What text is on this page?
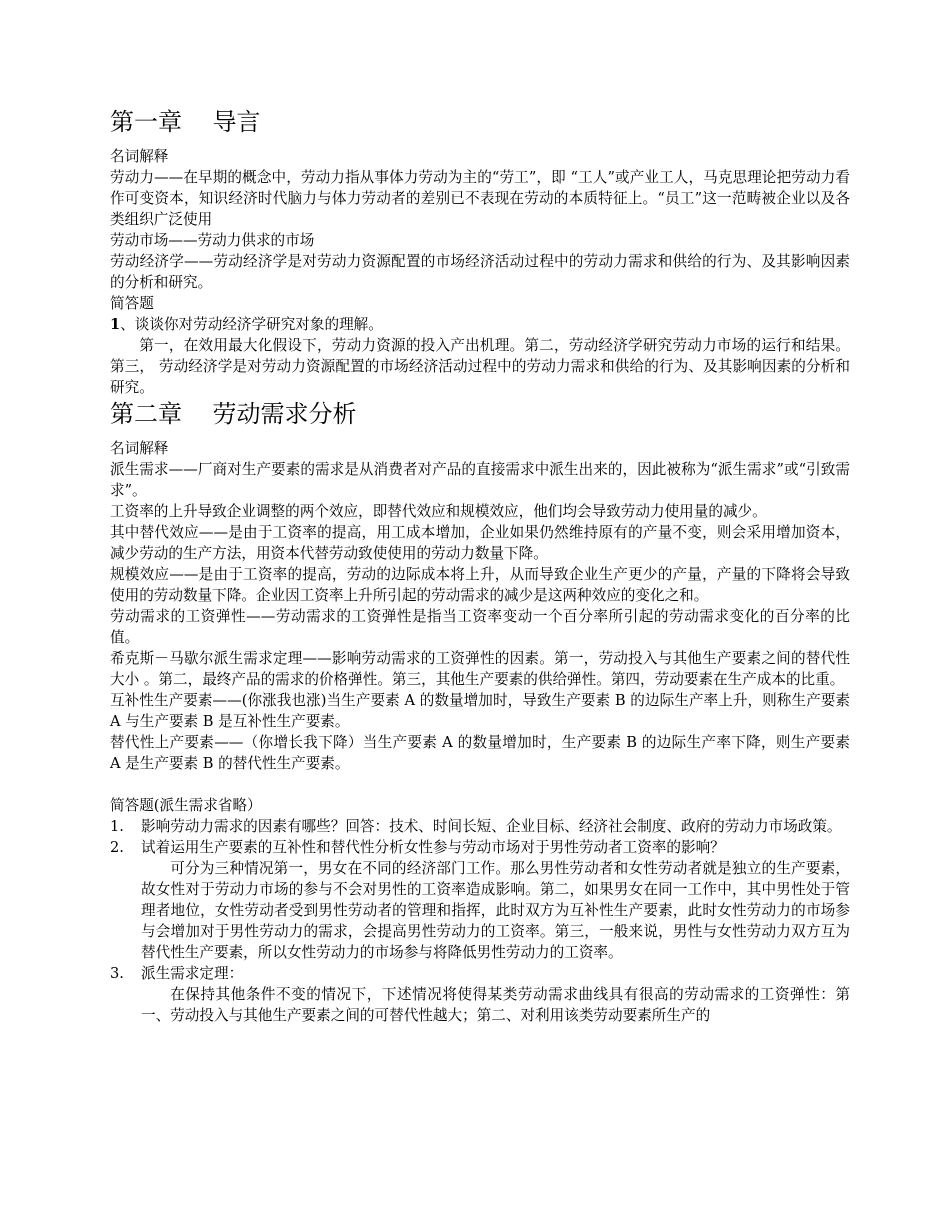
第一章    导言

名词解释

劳动力——在早期的概念中，劳动力指从事体力劳动为主的“劳工”，即 “工人”或产业工人，马克思理论把劳动力看作可变资本，知识经济时代脑力与体力劳动者的差别已不表现在劳动的本质特征上。“员工”这一范畴被企业以及各类组织广泛使用

劳动市场——劳动力供求的市场

劳动经济学——劳动经济学是对劳动力资源配置的市场经济活动过程中的劳动力需求和供给的行为、及其影响因素的分析和研究。

简答题

1、谈谈你对劳动经济学研究对象的理解。

第一，在效用最大化假设下，劳动力资源的投入产出机理。第二，劳动经济学研究劳动力市场的运行和结果。第三， 劳动经济学是对劳动力资源配置的市场经济活动过程中的劳动力需求和供给的行为、及其影响因素的分析和研究。

第二章    劳动需求分析

名词解释

派生需求——厂商对生产要素的需求是从消费者对产品的直接需求中派生出来的，因此被称为“派生需求”或“引致需求”。

工资率的上升导致企业调整的两个效应，即替代效应和规模效应，他们均会导致劳动力使用量的减少。

其中替代效应——是由于工资率的提高，用工成本增加，企业如果仍然维持原有的产量不变，则会采用增加资本，减少劳动的生产方法，用资本代替劳动致使使用的劳动力数量下降。

规模效应——是由于工资率的提高，劳动的边际成本将上升，从而导致企业生产更少的产量，产量的下降将会导致使用的劳动数量下降。企业因工资率上升所引起的劳动需求的减少是这两种效应的变化之和。

劳动需求的工资弹性——劳动需求的工资弹性是指当工资率变动一个百分率所引起的劳动需求变化的百分率的比值。

希克斯－马歇尔派生需求定理——影响劳动需求的工资弹性的因素。第一，劳动投入与其他生产要素之间的替代性大小 。第二，最终产品的需求的价格弹性。第三，其他生产要素的供给弹性。第四，劳动要素在生产成本的比重。

互补性生产要素——(你涨我也涨)当生产要素 A 的数量增加时，导致生产要素 B 的边际生产率上升，则称生产要素 A 与生产要素 B 是互补性生产要素。

替代性上产要素——（你增长我下降）当生产要素 A 的数量增加时，生产要素 B 的边际生产率下降，则生产要素 A 是生产要素 B 的替代性生产要素。

简答题(派生需求省略）

1. 影响劳动力需求的因素有哪些？回答：技术、时间长短、企业目标、经济社会制度、政府的劳动力市场政策。

2. 试着运用生产要素的互补性和替代性分析女性参与劳动市场对于男性劳动者工资率的影响？

可分为三种情况第一，男女在不同的经济部门工作。那么男性劳动者和女性劳动者就是独立的生产要素，故女性对于劳动力市场的参与不会对男性的工资率造成影响。第二，如果男女在同一工作中，其中男性处于管理者地位，女性劳动者受到男性劳动者的管理和指挥，此时双方为互补性生产要素，此时女性劳动力的市场参与会增加对于男性劳动力的需求，会提高男性劳动力的工资率。第三，一般来说，男性与女性劳动力双方互为替代性生产要素，所以女性劳动力的市场参与将降低男性劳动力的工资率。

3. 派生需求定理：

在保持其他条件不变的情况下，下述情况将使得某类劳动需求曲线具有很高的劳动需求的工资弹性：第一、劳动投入与其他生产要素之间的可替代性越大；第二、对利用该类劳动要素所生产的
